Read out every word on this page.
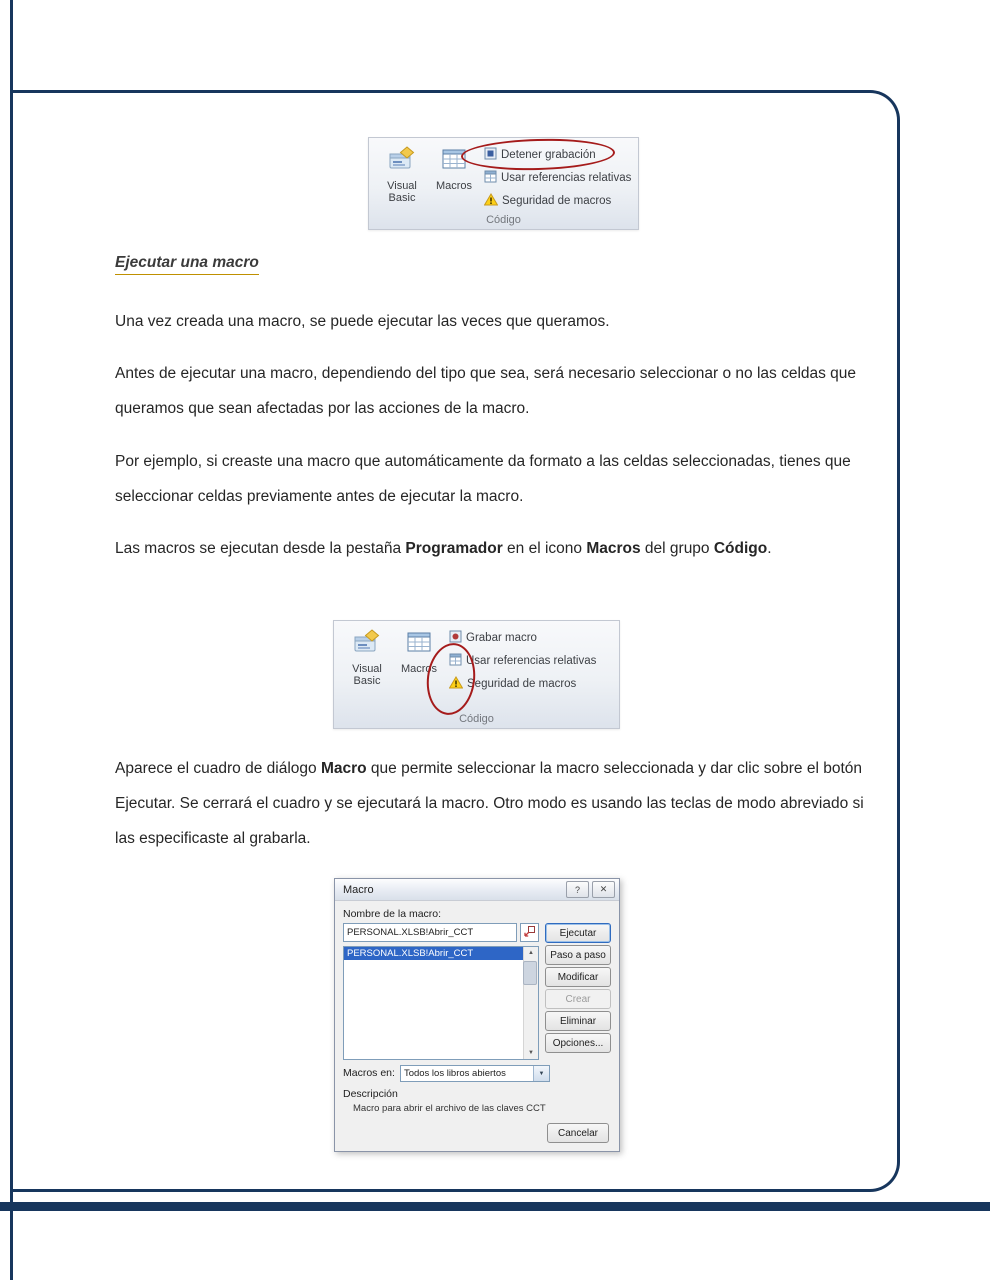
Visual Basic
Macros
Detener grabación
Usar referencias relativas
Seguridad de macros
Código
Ejecutar una macro
Una vez creada una macro, se puede ejecutar las veces que queramos.
Antes de ejecutar una macro, dependiendo del tipo que sea, será necesario seleccionar o no las celdas que queramos que sean afectadas por las acciones de la macro.
Por ejemplo, si creaste una macro que automáticamente da formato a las celdas seleccionadas, tienes que seleccionar celdas previamente antes de ejecutar la macro.
Las macros se ejecutan desde la pestaña Programador en el icono Macros del grupo Código.
Visual Basic
Macros
Grabar macro
Usar referencias relativas
Seguridad de macros
Código
Aparece el cuadro de diálogo Macro que permite seleccionar la macro seleccionada y dar clic sobre el botón Ejecutar. Se cerrará el cuadro y se ejecutará la macro. Otro modo es usando las teclas de modo abreviado si las especificaste al grabarla.
Macro	?	✕
Nombre de la macro:
PERSONAL.XLSB!Abrir_CCT
PERSONAL.XLSB!Abrir_CCT	▲
▼
Ejecutar
Paso a paso
Modificar
Crear
Eliminar
Opciones...
Macros en: Todos los libros abiertos	▼
Descripción
Macro para abrir el archivo de las claves CCT
Cancelar
